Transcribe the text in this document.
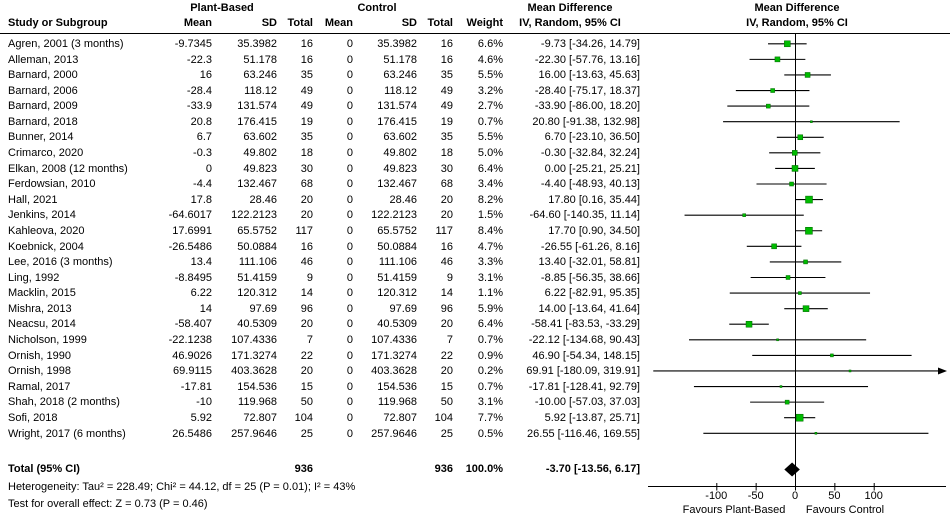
Plant-Based	Control	Mean Difference	Mean Difference
Study or Subgroup	Mean	SD Total	Mean	SD Total	Weight	IV, Random, 95% CI	IV, Random, 95% CI
Agren, 2001 (3 months)	-9.7345	35.3982	16	0	35.3982	16	6.6%	-9.73 [-34.26, 14.79]
Alleman, 2013	-22.3	51.178	16	0	51.178	16	4.6%	-22.30 [-57.76, 13.16]
Barnard, 2000	16	63.246	35	0	63.246	35	5.5%	16.00 [-13.63, 45.63]
Barnard, 2006	-28.4	118.12	49	0	118.12	49	3.2%	-28.40 [-75.17, 18.37]
Barnard, 2009	-33.9	131.574	49	0	131.574	49	2.7%	-33.90 [-86.00, 18.20]
Barnard, 2018	20.8	176.415	19	0	176.415	19	0.7%	20.80 [-91.38, 132.98]
Bunner, 2014	6.7	63.602	35	0	63.602	35	5.5%	6.70 [-23.10, 36.50]
Crimarco, 2020	-0.3	49.802	18	0	49.802	18	5.0%	-0.30 [-32.84, 32.24]
Elkan, 2008 (12 months)	0	49.823	30	0	49.823	30	6.4%	0.00 [-25.21, 25.21]
Ferdowsian, 2010	-4.4	132.467	68	0	132.467	68	3.4%	-4.40 [-48.93, 40.13]
Hall, 2021	17.8	28.46	20	0	28.46	20	8.2%	17.80 [0.16, 35.44]
Jenkins, 2014	-64.6017	122.2123	20	0	122.2123	20	1.5%	-64.60 [-140.35, 11.14]
Kahleova, 2020	17.6991	65.5752	117	0	65.5752	117	8.4%	17.70 [0.90, 34.50]
Koebnick, 2004	-26.5486	50.0884	16	0	50.0884	16	4.7%	-26.55 [-61.26, 8.16]
Lee, 2016 (3 months)	13.4	111.106	46	0	111.106	46	3.3%	13.40 [-32.01, 58.81]
Ling, 1992	-8.8495	51.4159	9	0	51.4159	9	3.1%	-8.85 [-56.35, 38.66]
Macklin, 2015	6.22	120.312	14	0	120.312	14	1.1%	6.22 [-82.91, 95.35]
Mishra, 2013	14	97.69	96	0	97.69	96	5.9%	14.00 [-13.64, 41.64]
Neacsu, 2014	-58.407	40.5309	20	0	40.5309	20	6.4%	-58.41 [-83.53, -33.29]
Nicholson, 1999	-22.1238	107.4336	7	0	107.4336	7	0.7%	-22.12 [-134.68, 90.43]
Ornish, 1990	46.9026	171.3274	22	0	171.3274	22	0.9%	46.90 [-54.34, 148.15]
Ornish, 1998	69.9115	403.3628	20	0	403.3628	20	0.2%	69.91 [-180.09, 319.91]
Ramal, 2017	-17.81	154.536	15	0	154.536	15	0.7%	-17.81 [-128.41, 92.79]
Shah, 2018 (2 months)	-10	119.968	50	0	119.968	50	3.1%	-10.00 [-57.03, 37.03]
Sofi, 2018	5.92	72.807	104	0	72.807	104	7.7%	5.92 [-13.87, 25.71]
Wright, 2017 (6 months)	26.5486	257.9646	25	0	257.9646	25	0.5%	26.55 [-116.46, 169.55]
Total (95% CI)	936	936	100.0%	-3.70 [-13.56, 6.17]
Heterogeneity: Tau² = 228.49; Chi² = 44.12, df = 25 (P = 0.01); I² = 43%
Test for overall effect: Z = 0.73 (P = 0.46)
-100	-50	0	50	100
Favours Plant-Based	Favours Control
